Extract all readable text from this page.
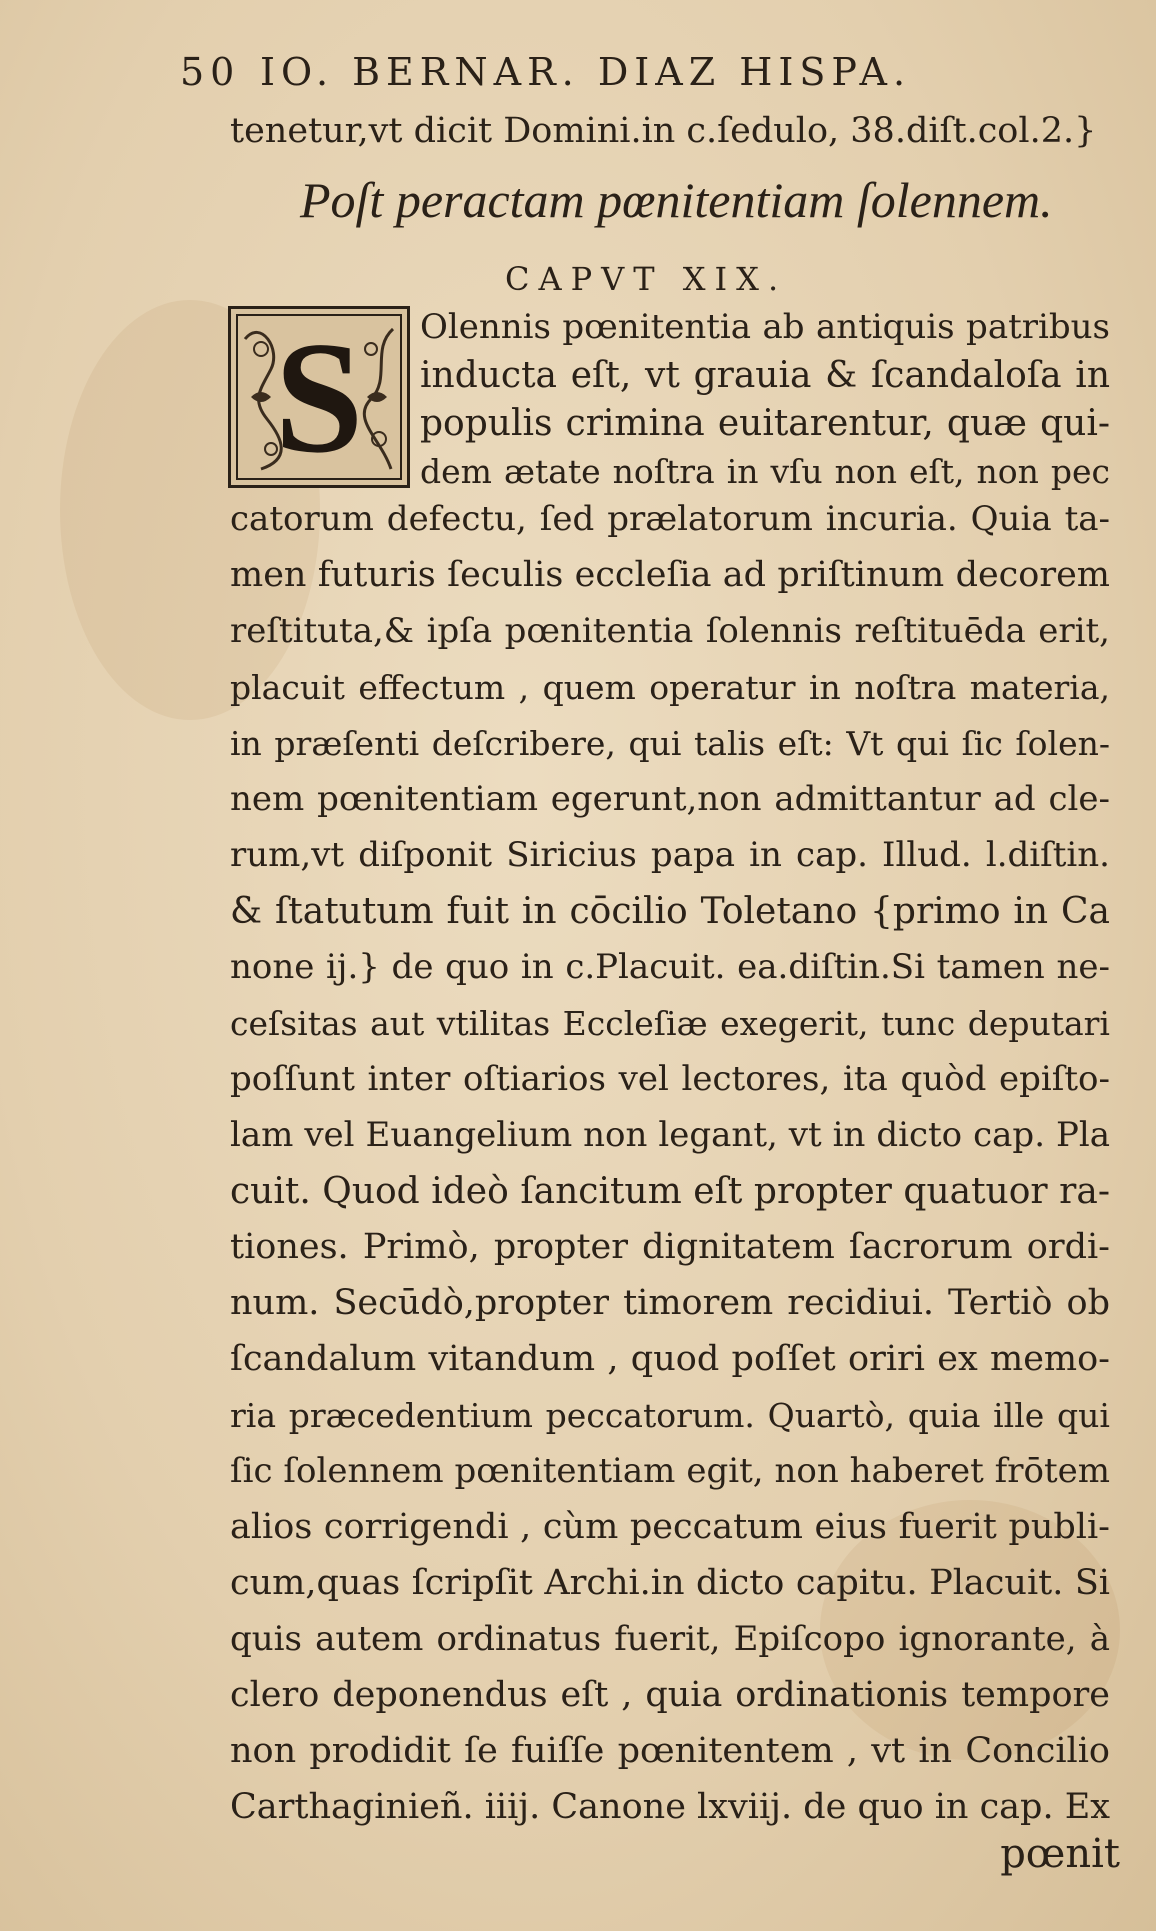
50 IO. BERNAR. DIAZ HISPA.
tenetur,vt dicit Domini.in c.ſedulo, 38.diſt.col.2.}
Poſt peractam pœnitentiam ſolennem.
CAPVT XIX.
S	Olennis pœnitentia ab antiquis patribus
inducta eſt, vt grauia & ſcandaloſa in
populis crimina euitarentur, quæ qui-
dem ætate noſtra in vſu non eſt, non pec
catorum defectu, ſed prælatorum incuria. Quia ta-
men futuris ſeculis eccleſia ad priſtinum decorem
reſtituta,& ipſa pœnitentia ſolennis reſtituēda erit,
placuit effectum , quem operatur in noſtra materia,
in præſenti deſcribere, qui talis eſt: Vt qui ſic ſolen-
nem pœnitentiam egerunt,non admittantur ad cle-
rum,vt diſponit Siricius papa in cap. Illud. l.diſtin.
& ſtatutum fuit in cōcilio Toletano {primo in Ca
none ij.} de quo in c.Placuit. ea.diſtin.Si tamen ne-
ceſsitas aut vtilitas Eccleſiæ exegerit, tunc deputari
poſſunt inter oſtiarios vel lectores, ita quòd epiſto-
lam vel Euangelium non legant, vt in dicto cap. Pla
cuit. Quod ideò ſancitum eſt propter quatuor ra-
tiones. Primò, propter dignitatem ſacrorum ordi-
num. Secūdò,propter timorem recidiui. Tertiò ob
ſcandalum vitandum , quod poſſet oriri ex memo-
ria præcedentium peccatorum. Quartò, quia ille qui
ſic ſolennem pœnitentiam egit, non haberet frōtem
alios corrigendi , cùm peccatum eius fuerit publi-
cum,quas ſcripſit Archi.in dicto capitu. Placuit. Si
quis autem ordinatus fuerit, Epiſcopo ignorante, à
clero deponendus eſt , quia ordinationis tempore
non prodidit ſe fuiſſe pœnitentem , vt in Concilio
Carthaginieñ. iiij. Canone lxviij. de quo in cap. Ex
pœnit
